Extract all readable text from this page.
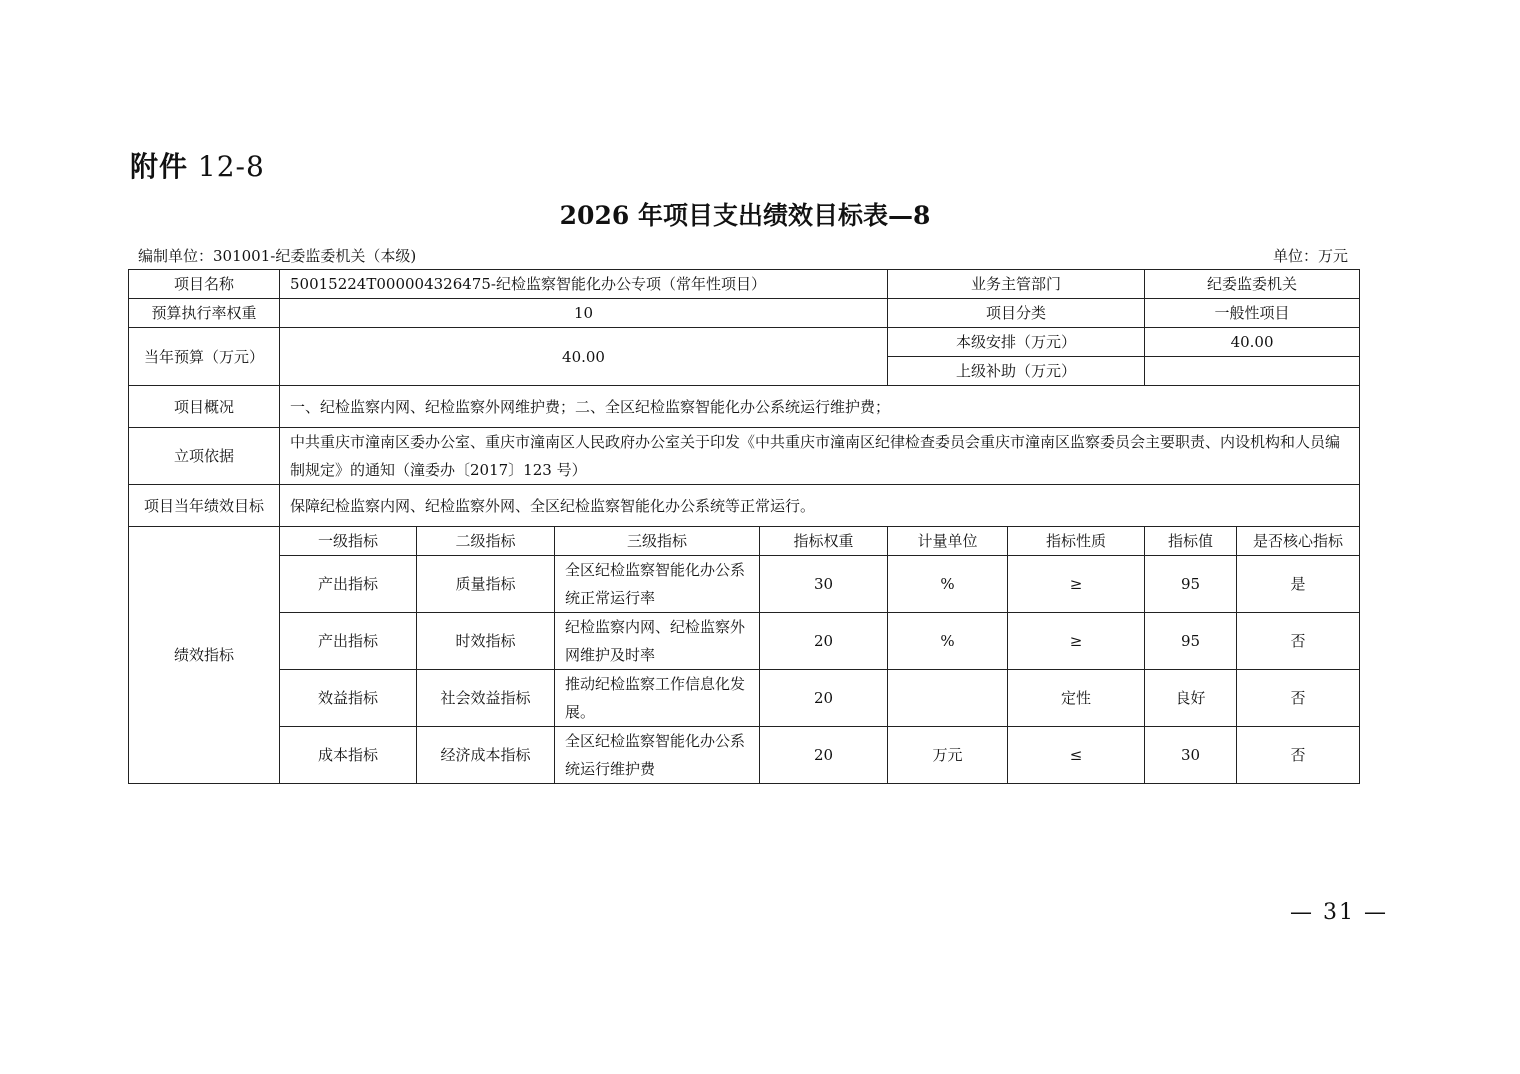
附件 12-8
2026 年项目支出绩效目标表—8
编制单位：301001-纪委监委机关（本级)	单位：万元
项目名称	50015224T000004326475-纪检监察智能化办公专项（常年性项目）				业务主管部门		纪委监委机关	
预算执行率权重	10				项目分类		一般性项目	
当年预算（万元）	40.00				本级安排（万元）		40.00	
					上级补助（万元）			
项目概况	一、纪检监察内网、纪检监察外网维护费；二、全区纪检监察智能化办公系统运行维护费；							
立项依据	中共重庆市潼南区委办公室、重庆市潼南区人民政府办公室关于印发《中共重庆市潼南区纪律检查委员会重庆市潼南区监察委员会主要职责、内设机构和人员编制规定》的通知（潼委办〔2017〕123 号）							
项目当年绩效目标	保障纪检监察内网、纪检监察外网、全区纪检监察智能化办公系统等正常运行。							
绩效指标	一级指标	二级指标	三级指标	指标权重	计量单位	指标性质	指标值	是否核心指标
	产出指标	质量指标	全区纪检监察智能化办公系统正常运行率	30	%	≥	95	是
	产出指标	时效指标	纪检监察内网、纪检监察外网维护及时率	20	%	≥	95	否
	效益指标	社会效益指标	推动纪检监察工作信息化发展。	20		定性	良好	否
	成本指标	经济成本指标	全区纪检监察智能化办公系统运行维护费	20	万元	≤	30	否
— 31 —
